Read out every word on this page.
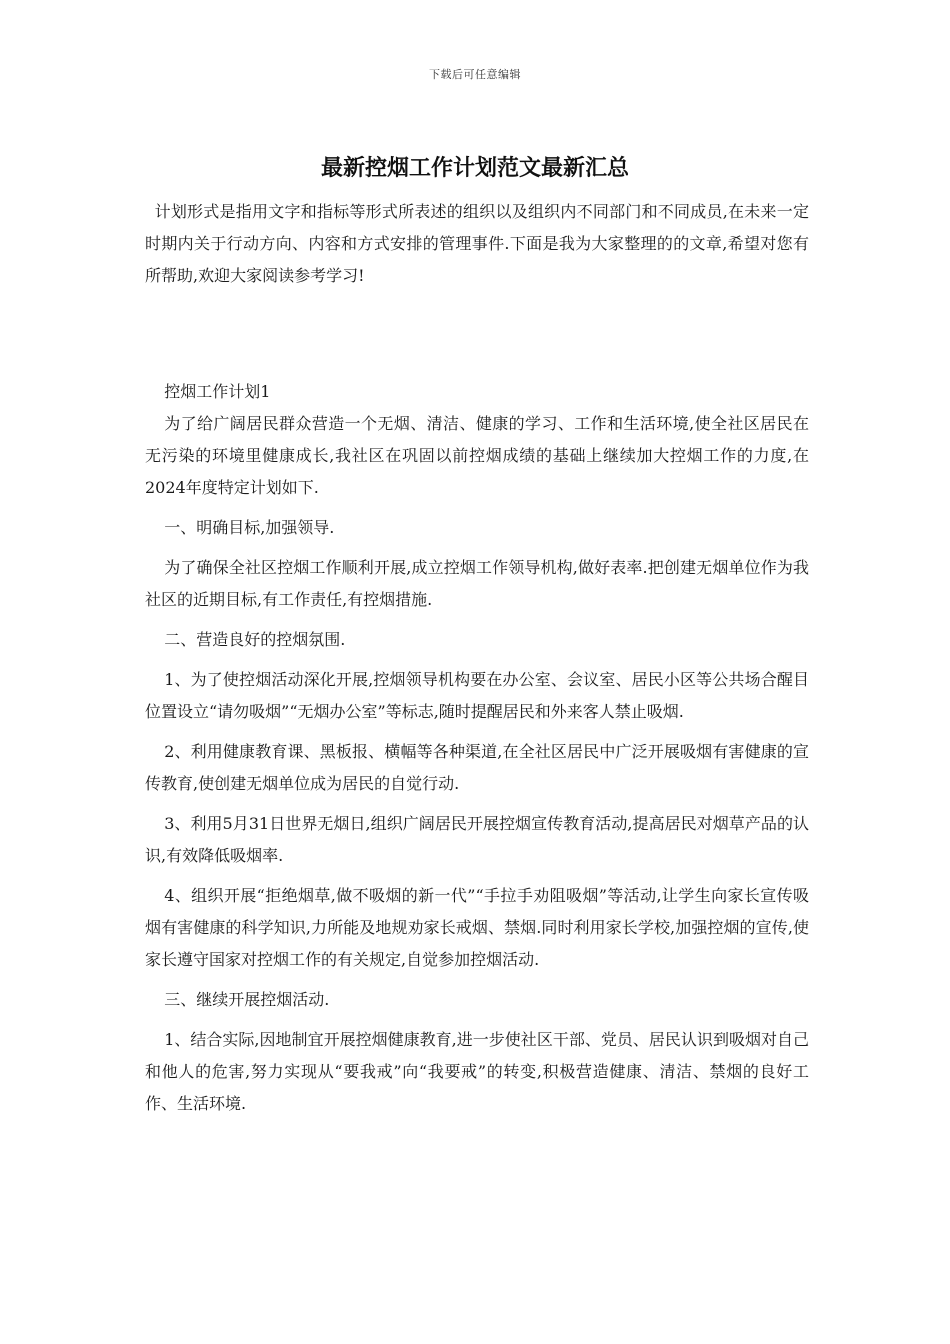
下载后可任意编辑
最新控烟工作计划范文最新汇总

计划形式是指用文字和指标等形式所表述的组织以及组织内不同部门和不同成员,在未来一定时期内关于行动方向、内容和方式安排的管理事件.下面是我为大家整理的的文章,希望对您有所帮助,欢迎大家阅读参考学习!

控烟工作计划1

为了给广阔居民群众营造一个无烟、清洁、健康的学习、工作和生活环境,使全社区居民在无污染的环境里健康成长,我社区在巩固以前控烟成绩的基础上继续加大控烟工作的力度,在2024年度特定计划如下.

一、明确目标,加强领导.

为了确保全社区控烟工作顺利开展,成立控烟工作领导机构,做好表率.把创建无烟单位作为我社区的近期目标,有工作责任,有控烟措施.

二、营造良好的控烟氛围.

1、为了使控烟活动深化开展,控烟领导机构要在办公室、会议室、居民小区等公共场合醒目位置设立“请勿吸烟”“无烟办公室”等标志,随时提醒居民和外来客人禁止吸烟.

2、利用健康教育课、黑板报、横幅等各种渠道,在全社区居民中广泛开展吸烟有害健康的宣传教育,使创建无烟单位成为居民的自觉行动.

3、利用5月31日世界无烟日,组织广阔居民开展控烟宣传教育活动,提高居民对烟草产品的认识,有效降低吸烟率.

4、组织开展“拒绝烟草,做不吸烟的新一代”“手拉手劝阻吸烟”等活动,让学生向家长宣传吸烟有害健康的科学知识,力所能及地规劝家长戒烟、禁烟.同时利用家长学校,加强控烟的宣传,使家长遵守国家对控烟工作的有关规定,自觉参加控烟活动.

三、继续开展控烟活动.

1、结合实际,因地制宜开展控烟健康教育,进一步使社区干部、党员、居民认识到吸烟对自己和他人的危害,努力实现从“要我戒”向“我要戒”的转变,积极营造健康、清洁、禁烟的良好工作、生活环境.
